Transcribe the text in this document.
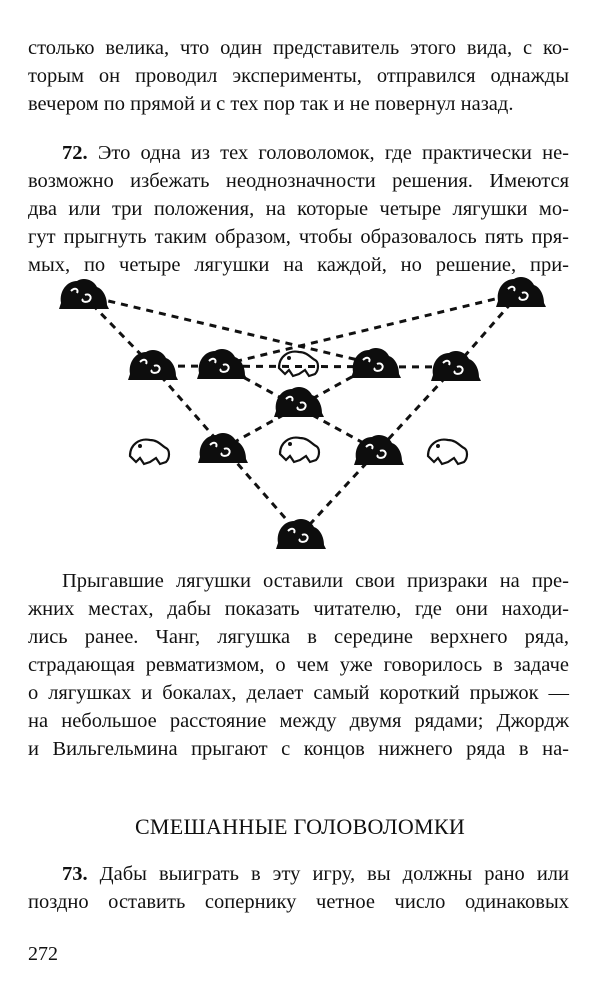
столько велика, что один представитель этого вида, с ко-
торым он проводил эксперименты, отправился однажды
вечером по прямой и с тех пор так и не повернул назад.
72. Это одна из тех головоломок, где практически не-
возможно избежать неоднозначности решения. Имеются
два или три положения, на которые четыре лягушки мо-
гут прыгнуть таким образом, чтобы образовалось пять пря-
мых, по четыре лягушки на каждой, но решение, при-
Прыгавшие лягушки оставили свои призраки на пре-
жних местах, дабы показать читателю, где они находи-
лись ранее. Чанг, лягушка в середине верхнего ряда,
страдающая ревматизмом, о чем уже говорилось в задаче
о лягушках и бокалах, делает самый короткий прыжок —
на небольшое расстояние между двумя рядами; Джордж
и Вильгельмина прыгают с концов нижнего ряда в на-
СМЕШАННЫЕ ГОЛОВОЛОМКИ
73. Дабы выиграть в эту игру, вы должны рано или
поздно оставить сопернику четное число одинаковых
272
